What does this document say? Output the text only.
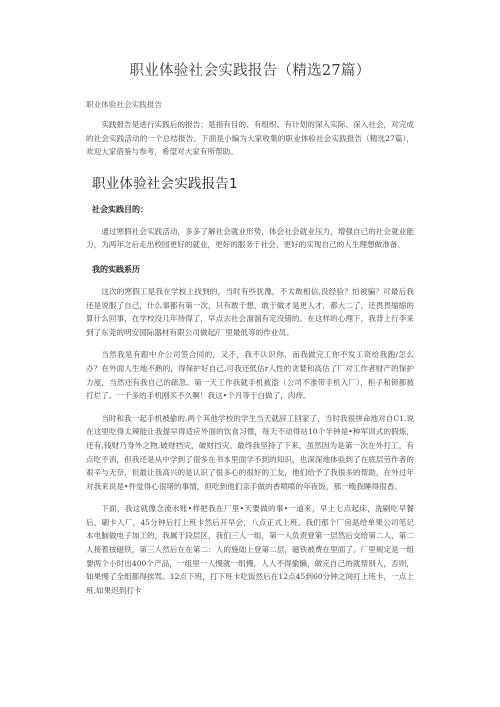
职业体验社会实践报告（精选27篇）
职业体验社会实践报告

实践报告是进行实践后的报告；是指有目的、有组织、有计划的深入实际、深入社会，对完成的社会实践活动的一个总结报告。下面是小编为大家收集的职业体验社会实践报告（精选27篇），欢迎大家借鉴与参考，希望对大家有所帮助。

职业体验社会实践报告1
社会实践目的：

通过寒假社会实践活动，多多了解社会就业形势，体会社会就业压力，增强自己的社会就业能力，为两年之后走出校园更好的就业，更好的服务于社会，更好的实现自己的人生理想做准备。

我的实践系历

这次的寒假工是我在学校上找到的，当时有些犹豫，不太敢相信,没经验？怕被骗？可最后我还是说服了自己，什么事都有第一次，只有敢于想，敢于做才是更人才，都大二了，还畏畏缩缩的算什么回事，在学校没几年待得了，早点去社会溜溜有定没错的。在这样的心理下，我背上行李来到了东莞的明安国际器材有限公司做起/厂里最低等的作业员。

当然我是有跟中介公司签合同的，又不，我不认识你，而我做完工你不发工资给我跑/怎么办？在外面人生地不熟的，得保护好自己.可我还低估r人性的贪婪和高估了厂对工作者财产的保护力度，当然还有我自己的疏忽。第一天工作我就手机被盗（公司不准带手机入厂），柜子和锁都被打烂了。一千多的手机刚买不久啊！我这•个月等于白做了，肉痒。

当时和我一起手机被偷的.两个其他学校的学生当天就辞工回家了，当时我很拼命地对自C1.说在这里吃得太辣能让我提早得适应外面的饮食习惯，每天不动得站10个半钟是•种军训式的假炼，还有,钱财乃身外之物,破财挡灾，破财挡灾。最终我坚持了下来，虽然因为是第一次在外打工，有点吃不消，但我还是从中学到了很多在书本里面学不到的知识，也深深地体验到了在底层劳作者的艰辛与无奈，但最让我高兴的是认识了很多心的很好的工友，他们给予了我很多的帮助，在外过年对我来说是•件觉得心很堵的事情，但吃到他们亲手做的香喷喷的年夜饭，那一晚我睡得很香。

下面，我这就像念流水账•样把我在厂里•天要做的事•一道来，早上七点起床，洗刷吃早餐后，刷卡入厂，45分钟后打上班卡然后开早会，八点正式上班。我们那个厂房是给单果公司笔记本电脑做电子加工的，我属于段层区，我们三人一组，第一人负责登第一层然后交给第二人，第二人接着按磁铁，第三人然后在在第二：人的施础上登第二层，磁铁被费在里面了。厂里规定是一组要两个小时出400个产品，一组里一人慢就一组慢，人人不得偷懒，做完自己的就帮别人，否则，如果慢了全组都得挨骂。12点下班，打下班卡吃饭然后在12点45到60分钟之间打上班卡，一点上班,如果迟到打卡
